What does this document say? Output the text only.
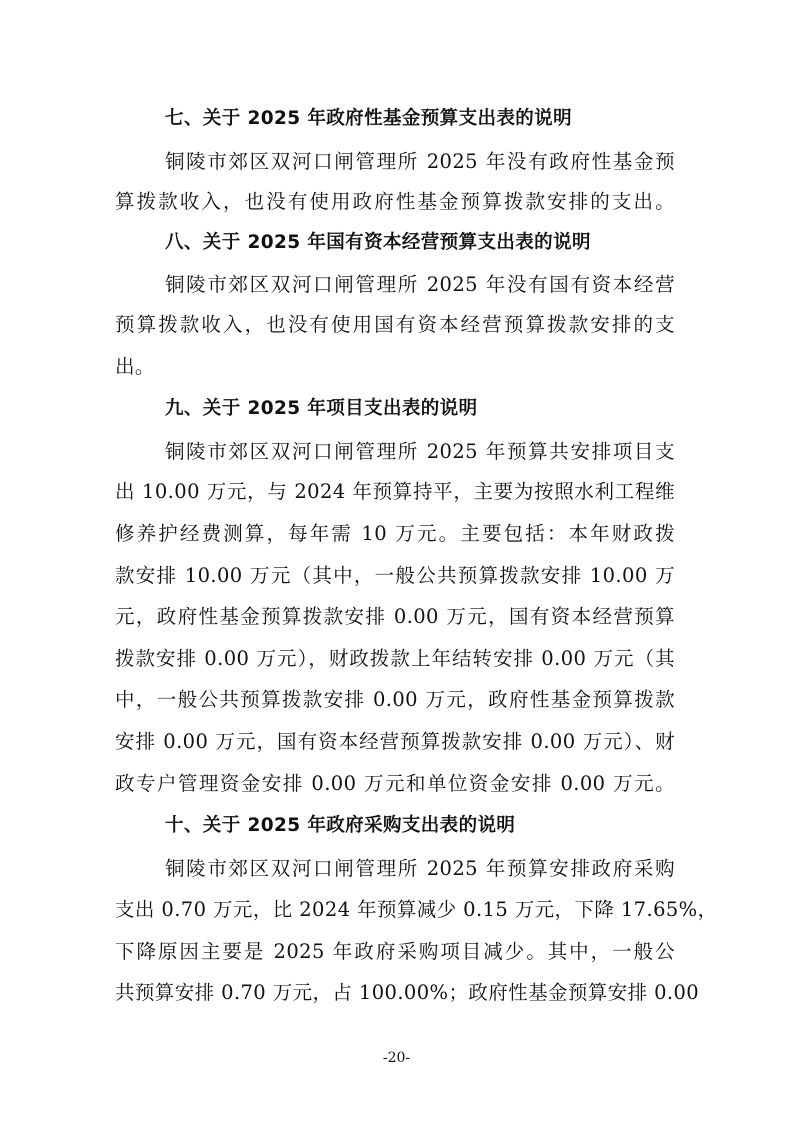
七、关于 2025 年政府性基金预算支出表的说明
铜陵市郊区双河口闸管理所 2025 年没有政府性基金预
算拨款收入，也没有使用政府性基金预算拨款安排的支出。
八、关于 2025 年国有资本经营预算支出表的说明
铜陵市郊区双河口闸管理所 2025 年没有国有资本经营
预算拨款收入，也没有使用国有资本经营预算拨款安排的支
出。
九、关于 2025 年项目支出表的说明
铜陵市郊区双河口闸管理所 2025 年预算共安排项目支
出 10.00 万元，与 2024 年预算持平，主要为按照水利工程维
修养护经费测算，每年需 10 万元。主要包括：本年财政拨
款安排 10.00 万元（其中，一般公共预算拨款安排 10.00 万
元，政府性基金预算拨款安排 0.00 万元，国有资本经营预算
拨款安排 0.00 万元），财政拨款上年结转安排 0.00 万元（其
中，一般公共预算拨款安排 0.00 万元，政府性基金预算拨款
安排 0.00 万元，国有资本经营预算拨款安排 0.00 万元）、财
政专户管理资金安排 0.00 万元和单位资金安排 0.00 万元。
十、关于 2025 年政府采购支出表的说明
铜陵市郊区双河口闸管理所 2025 年预算安排政府采购
支出 0.70 万元，比 2024 年预算减少 0.15 万元，下降 17.65%，
下降原因主要是 2025 年政府采购项目减少。其中，一般公
共预算安排 0.70 万元，占 100.00%；政府性基金预算安排 0.00
-20-
